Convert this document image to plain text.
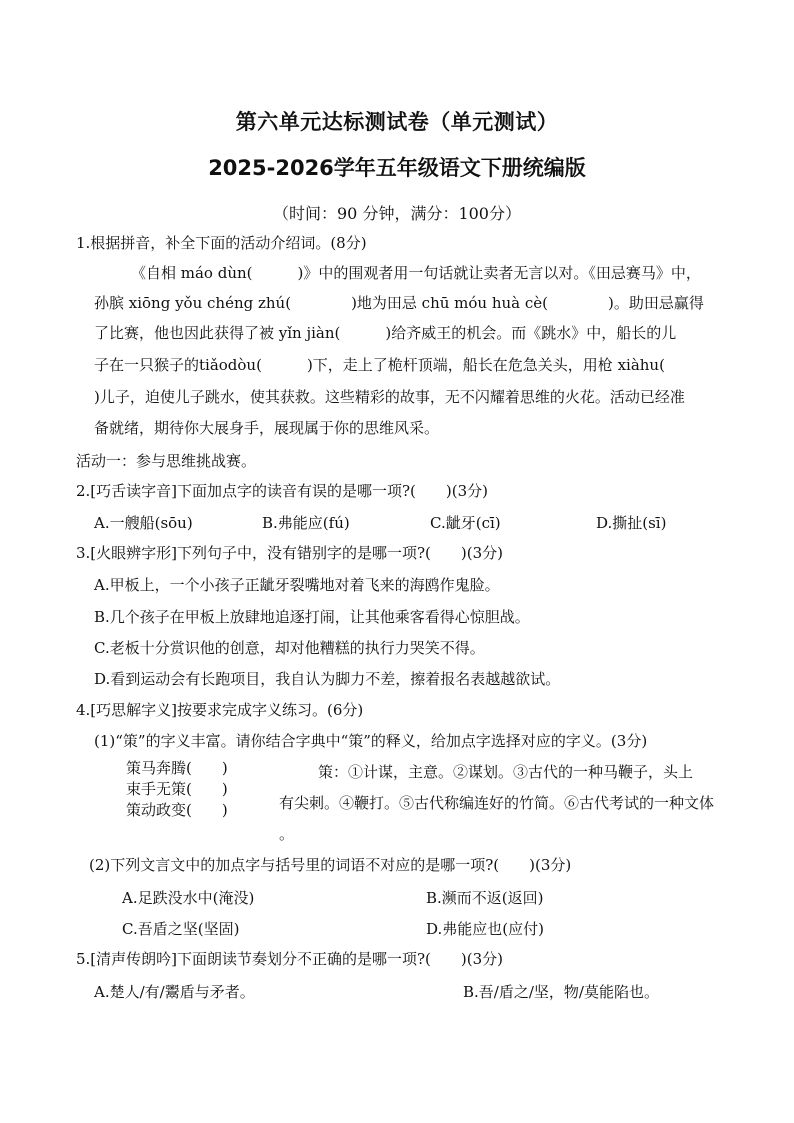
第六单元达标测试卷（单元测试）
2025-2026学年五年级语文下册统编版
（时间：90 分钟，满分：100分）
1.根据拼音，补全下面的活动介绍词。(8分)
《自相 máo dùn(　　　)》中的围观者用一句话就让卖者无言以对。《田忌赛马》中，
孙膑 xiōng yǒu chéng zhú(　　　　)地为田忌 chū móu huà cè(　　　　)。助田忌赢得
了比赛，他也因此获得了被 yǐn jiàn(　　　)给齐威王的机会。而《跳水》中，船长的儿
子在一只猴子的tiǎodòu(　　　)下，走上了桅杆顶端，船长在危急关头，用枪 xiàhu(
)儿子，迫使儿子跳水，使其获救。这些精彩的故事，无不闪耀着思维的火花。活动已经准
备就绪，期待你大展身手，展现属于你的思维风采。
活动一：参与思维挑战赛。
2.[巧舌读字音]下面加点字的读音有误的是哪一项?(　　)(3分)
A.一艘船(sōu)	B.弗能应(fú)	C.龇牙(cī)	D.撕扯(sī)
3.[火眼辨字形]下列句子中，没有错别字的是哪一项?(　　)(3分)
A.甲板上，一个小孩子正龇牙裂嘴地对着飞来的海鸥作鬼脸。
B.几个孩子在甲板上放肆地追逐打闹，让其他乘客看得心惊胆战。
C.老板十分赏识他的创意，却对他糟糕的执行力哭笑不得。
D.看到运动会有长跑项目，我自认为脚力不差，擦着报名表越越欲试。
4.[巧思解字义]按要求完成字义练习。(6分)
(1)“策”的字义丰富。请你结合字典中“策”的释义，给加点字选择对应的字义。(3分)
策马奔腾(　　)
束手无策(　　)
策动政变(　　)
策：①计谋，主意。②谋划。③古代的一种马鞭子，头上
有尖刺。④鞭打。⑤古代称编连好的竹简。⑥古代考试的一种文体
。
(2)下列文言文中的加点字与括号里的词语不对应的是哪一项?(　　)(3分)
A.足跌没水中(淹没)	B.濒而不返(返回)
C.吾盾之坚(坚固)	D.弗能应也(应付)
5.[清声传朗吟]下面朗读节奏划分不正确的是哪一项?(　　)(3分)
A.楚人/有/鬻盾与矛者。	B.吾/盾之/坚，物/莫能陷也。
